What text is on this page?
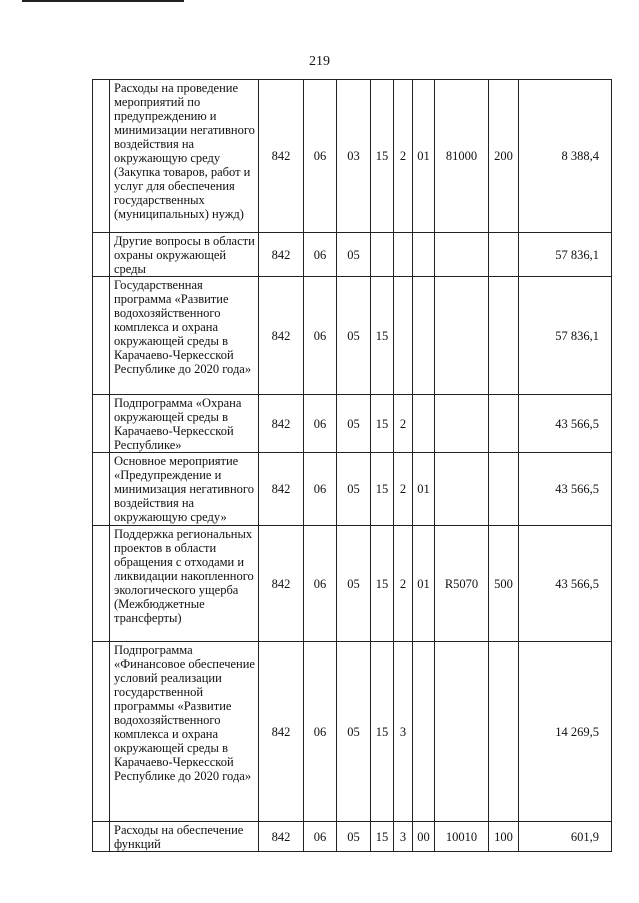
219
	Расходы на проведение мероприятий по предупреждению и минимизации негативного воздействия на окружающую среду (Закупка товаров, работ и услуг для обеспечения государственных (муниципальных) нужд)	842	06	03	15	2	01	81000	200	8 388,4
	Другие вопросы в области охраны окружающей среды	842	06	05						57 836,1
	Государственная программа «Развитие водохозяйственного комплекса и охрана окружающей среды в Карачаево-Черкесской Республике до 2020 года»	842	06	05	15					57 836,1
	Подпрограмма «Охрана окружающей среды в Карачаево-Черкесской Республике»	842	06	05	15	2				43 566,5
	Основное мероприятие «Предупреждение и минимизация негативного воздействия на окружающую среду»	842	06	05	15	2	01			43 566,5
	Поддержка региональных проектов в области обращения с отходами и ликвидации накопленного экологического ущерба (Межбюджетные трансферты)	842	06	05	15	2	01	R5070	500	43 566,5
	Подпрограмма «Финансовое обеспечение условий реализации государственной программы «Развитие водохозяйственного комплекса и охрана окружающей среды в Карачаево-Черкесской Республике до 2020 года»	842	06	05	15	3				14 269,5
	Расходы на обеспечение функций	842	06	05	15	3	00	10010	100	601,9
